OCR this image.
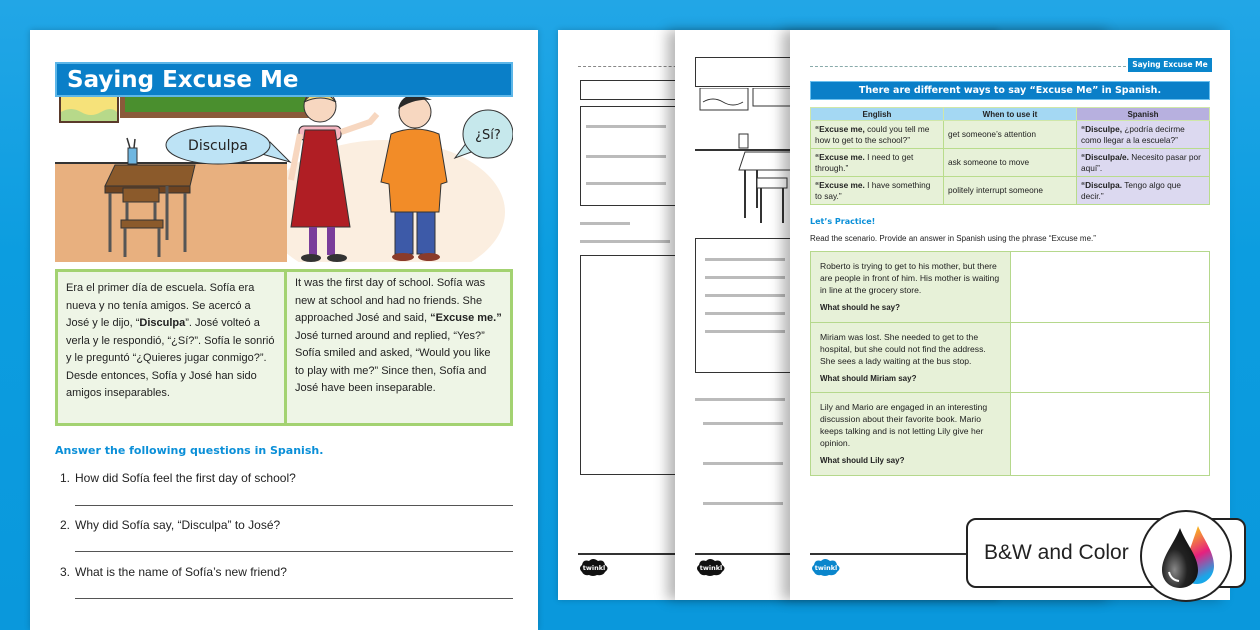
twinkl	twinkl
Saying Excuse Me
Disculpa
¿Sí?
Era el primer día de escuela. Sofía era nueva y no tenía amigos. Se acercó a José y le dijo, “Disculpa”. José volteó a verla y le respondió, “¿Sí?”. Sofía le sonrió y le preguntó “¿Quieres jugar conmigo?”. Desde entonces, Sofía y José han sido amigos inseparables.
It was the first day of school. Sofía was new at school and had no friends. She approached José and said, “Excuse me.” José turned around and replied, “Yes?” Sofía smiled and asked, “Would you like to play with me?” Since then, Sofía and José have been inseparable.
Answer the following questions in Spanish.
1. How did Sofía feel the first day of school?
2. Why did Sofía say, “Disculpa” to José?
3. What is the name of Sofía’s new friend?
Saying Excuse Me
There are different ways to say “Excuse Me” in Spanish.
English	When to use it	Spanish
“Excuse me, could you tell me how to get to the school?”	get someone’s attention	“Disculpe, ¿podría decirme como llegar a la escuela?”
“Excuse me. I need to get through.”	ask someone to move	“Disculpa/e. Necesito pasar por aquí”.
“Excuse me. I have something to say.”	politely interrupt someone	“Disculpa. Tengo algo que decir.”
Let’s Practice!
Read the scenario. Provide an answer in Spanish using the phrase “Excuse me.”
Roberto is trying to get to his mother, but there are people in front of him. His mother is waiting in line at the grocery store.
What should he say?	

Miriam was lost. She needed to get to the hospital, but she could not find the address. She sees a lady waiting at the bus stop.
What should Miriam say?	

Lily and Mario are engaged in an interesting discussion about their favorite book. Mario keeps talking and is not letting Lily give her opinion.
What should Lily say?	

twinkl
B&W and Color
